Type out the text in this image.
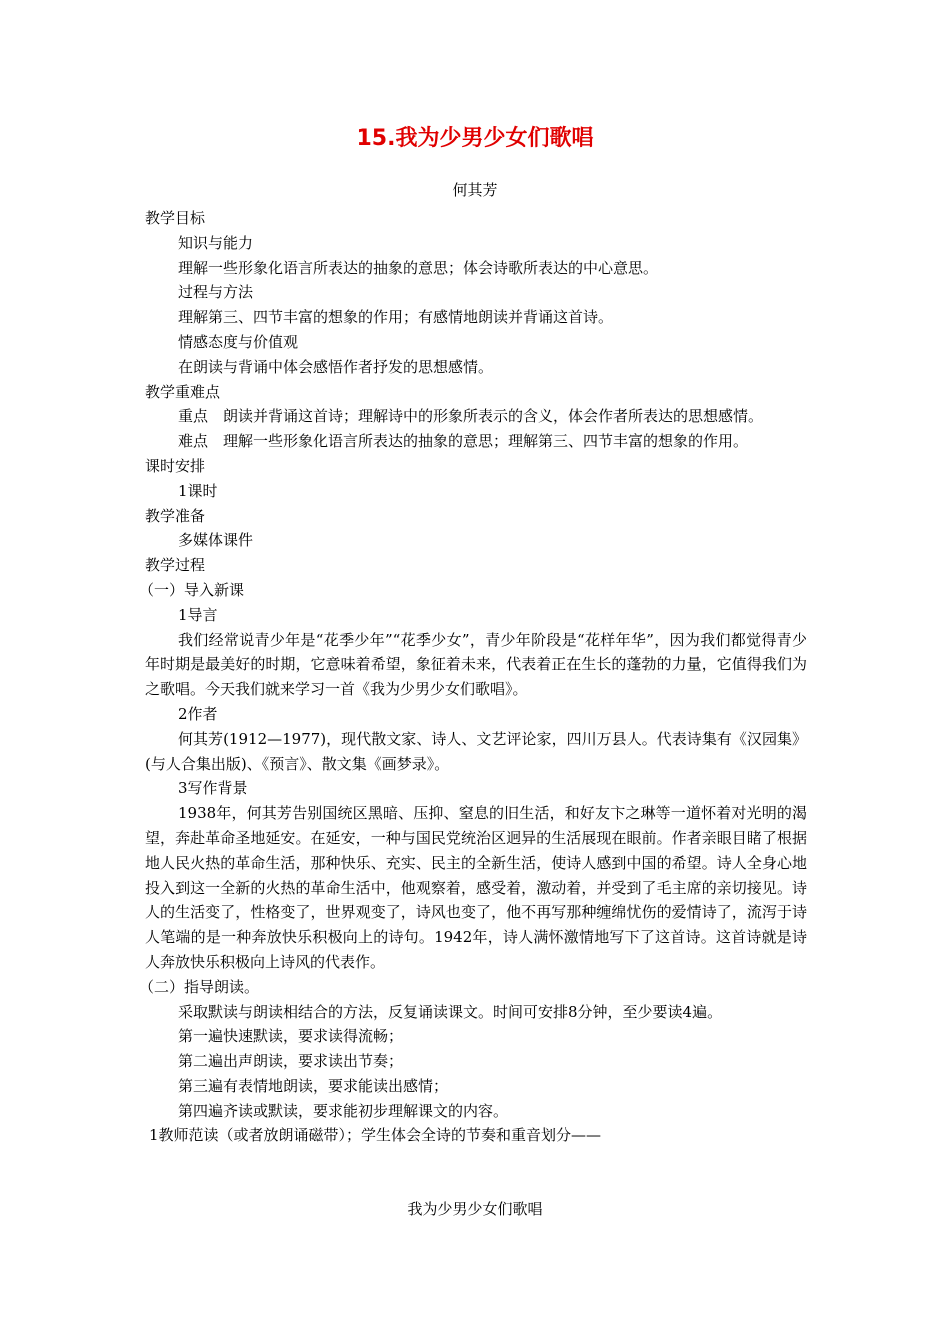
15.我为少男少女们歌唱
何其芳

教学目标

知识与能力

理解一些形象化语言所表达的抽象的意思；体会诗歌所表达的中心意思。

过程与方法

理解第三、四节丰富的想象的作用；有感情地朗读并背诵这首诗。

情感态度与价值观

在朗读与背诵中体会感悟作者抒发的思想感情。

教学重难点

重点　朗读并背诵这首诗；理解诗中的形象所表示的含义，体会作者所表达的思想感情。

难点　理解一些形象化语言所表达的抽象的意思；理解第三、四节丰富的想象的作用。

课时安排

1课时

教学准备

多媒体课件

教学过程

（一）导入新课

1导言

我们经常说青少年是“花季少年”“花季少女”，青少年阶段是“花样年华”，因为我们都觉得青少年时期是最美好的时期，它意味着希望，象征着未来，代表着正在生长的蓬勃的力量，它值得我们为之歌唱。今天我们就来学习一首《我为少男少女们歌唱》。

2作者

何其芳(1912—1977)，现代散文家、诗人、文艺评论家，四川万县人。代表诗集有《汉园集》(与人合集出版)、《预言》、散文集《画梦录》。

3写作背景

1938年，何其芳告别国统区黑暗、压抑、窒息的旧生活，和好友卞之琳等一道怀着对光明的渴望，奔赴革命圣地延安。在延安，一种与国民党统治区迥异的生活展现在眼前。作者亲眼目睹了根据地人民火热的革命生活，那种快乐、充实、民主的全新生活，使诗人感到中国的希望。诗人全身心地投入到这一全新的火热的革命生活中，他观察着，感受着，激动着，并受到了毛主席的亲切接见。诗人的生活变了，性格变了，世界观变了，诗风也变了，他不再写那种缠绵忧伤的爱情诗了，流泻于诗人笔端的是一种奔放快乐积极向上的诗句。1942年，诗人满怀激情地写下了这首诗。这首诗就是诗人奔放快乐积极向上诗风的代表作。

（二）指导朗读。

采取默读与朗读相结合的方法，反复诵读课文。时间可安排8分钟，至少要读4遍。

第一遍快速默读，要求读得流畅；

第二遍出声朗读，要求读出节奏；

第三遍有表情地朗读，要求能读出感情；

第四遍齐读或默读，要求能初步理解课文的内容。

1教师范读（或者放朗诵磁带）；学生体会全诗的节奏和重音划分——

我为少男少女们歌唱
